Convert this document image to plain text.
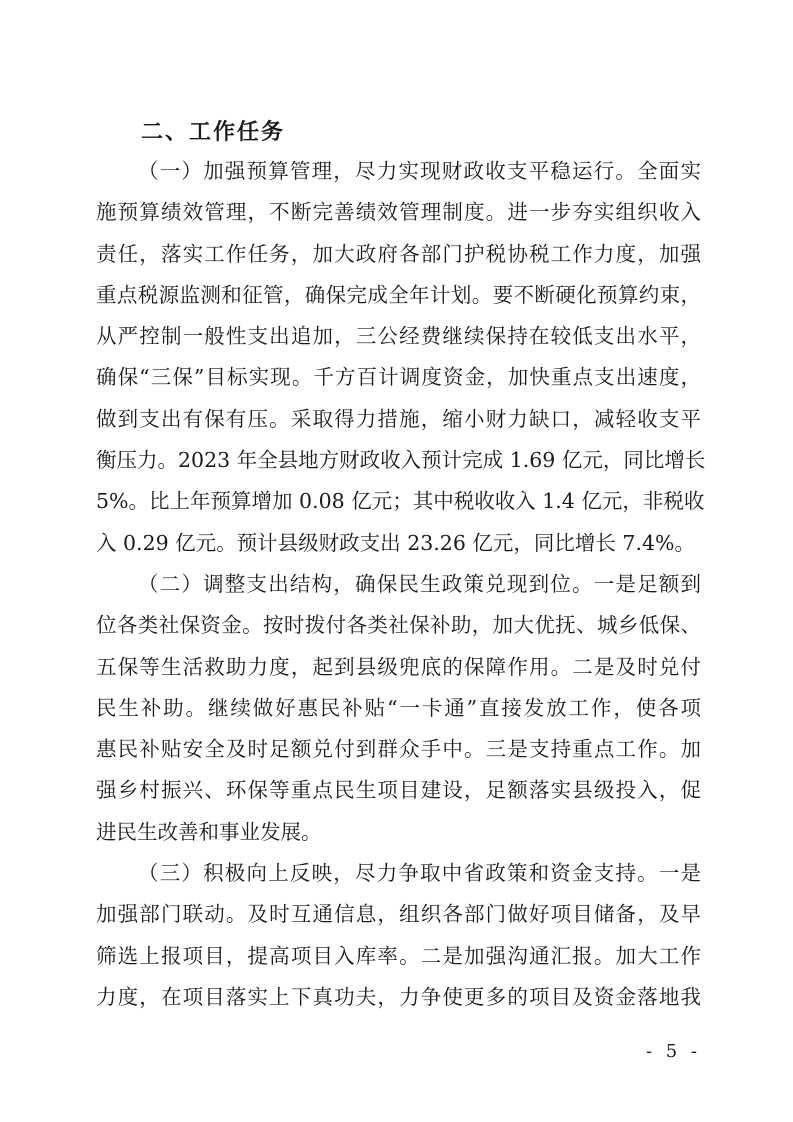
二、工作任务
（一）加强预算管理，尽力实现财政收支平稳运行。全面实
施预算绩效管理，不断完善绩效管理制度。进一步夯实组织收入
责任，落实工作任务，加大政府各部门护税协税工作力度，加强
重点税源监测和征管，确保完成全年计划。要不断硬化预算约束，
从严控制一般性支出追加，三公经费继续保持在较低支出水平，
确保“三保”目标实现。千方百计调度资金，加快重点支出速度，
做到支出有保有压。采取得力措施，缩小财力缺口，减轻收支平
衡压力。2023 年全县地方财政收入预计完成 1.69 亿元，同比增长
5%。比上年预算增加 0.08 亿元；其中税收收入 1.4 亿元，非税收
入 0.29 亿元。预计县级财政支出 23.26 亿元，同比增长 7.4%。
（二）调整支出结构，确保民生政策兑现到位。一是足额到
位各类社保资金。按时拨付各类社保补助，加大优抚、城乡低保、
五保等生活救助力度，起到县级兜底的保障作用。二是及时兑付
民生补助。继续做好惠民补贴“一卡通”直接发放工作，使各项
惠民补贴安全及时足额兑付到群众手中。三是支持重点工作。加
强乡村振兴、环保等重点民生项目建设，足额落实县级投入，促
进民生改善和事业发展。
（三）积极向上反映，尽力争取中省政策和资金支持。一是
加强部门联动。及时互通信息，组织各部门做好项目储备，及早
筛选上报项目，提高项目入库率。二是加强沟通汇报。加大工作
力度，在项目落实上下真功夫，力争使更多的项目及资金落地我
- 5 -
